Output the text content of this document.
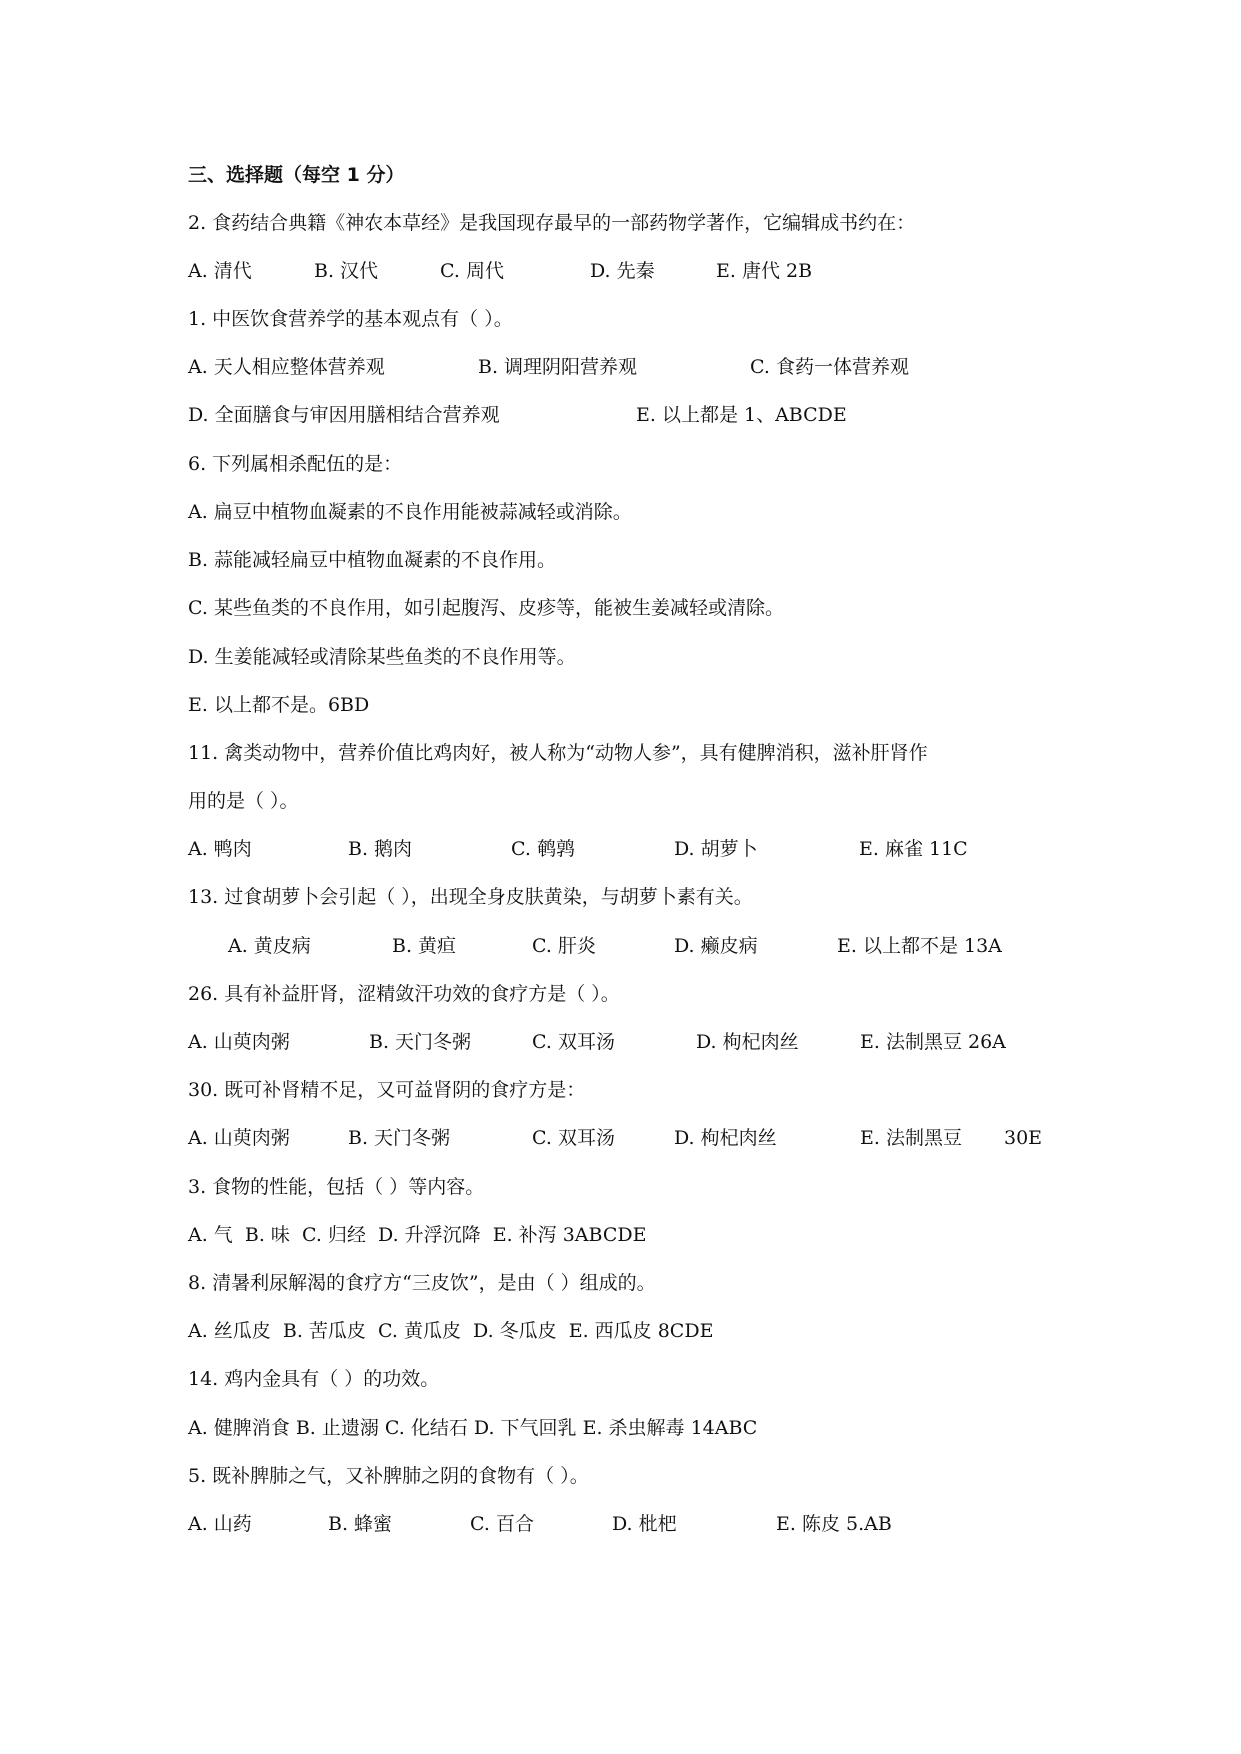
三、选择题（每空 1 分）
2. 食药结合典籍《神农本草经》是我国现存最早的一部药物学著作，它编辑成书约在：
A. 清代	B. 汉代	C. 周代	D. 先秦	E. 唐代 2B
1. 中医饮食营养学的基本观点有（ ）。
A. 天人相应整体营养观	B. 调理阴阳营养观	C. 食药一体营养观
D. 全面膳食与审因用膳相结合营养观	E. 以上都是 1、ABCDE
6. 下列属相杀配伍的是：
A. 扁豆中植物血凝素的不良作用能被蒜减轻或消除。
B. 蒜能减轻扁豆中植物血凝素的不良作用。
C. 某些鱼类的不良作用，如引起腹泻、皮疹等，能被生姜减轻或清除。
D. 生姜能减轻或清除某些鱼类的不良作用等。
E. 以上都不是。6BD
11. 禽类动物中，营养价值比鸡肉好，被人称为“动物人参”，具有健脾消积，滋补肝肾作
用的是（ ）。
A. 鸭肉	B. 鹅肉	C. 鹌鹑	D. 胡萝卜	E. 麻雀 11C
13. 过食胡萝卜会引起（ ），出现全身皮肤黄染，与胡萝卜素有关。
A. 黄皮病	B. 黄疸	C. 肝炎	D. 癞皮病	E. 以上都不是 13A
26. 具有补益肝肾，涩精敛汗功效的食疗方是（ ）。
A. 山萸肉粥	B. 天门冬粥	C. 双耳汤	D. 枸杞肉丝	E. 法制黑豆 26A
30. 既可补肾精不足，又可益肾阴的食疗方是：
A. 山萸肉粥	B. 天门冬粥	C. 双耳汤	D. 枸杞肉丝	E. 法制黑豆 30E
3. 食物的性能，包括（ ）等内容。
A. 气  B. 味  C. 归经  D. 升浮沉降  E. 补泻 3ABCDE
8. 清暑利尿解渴的食疗方“三皮饮”，是由（ ）组成的。
A. 丝瓜皮  B. 苦瓜皮  C. 黄瓜皮  D. 冬瓜皮  E. 西瓜皮 8CDE
14. 鸡内金具有（ ）的功效。
A. 健脾消食 B. 止遗溺 C. 化结石 D. 下气回乳 E. 杀虫解毒 14ABC
5. 既补脾肺之气，又补脾肺之阴的食物有（ ）。
A. 山药	B. 蜂蜜	C. 百合	D. 枇杷	E. 陈皮 5.AB
